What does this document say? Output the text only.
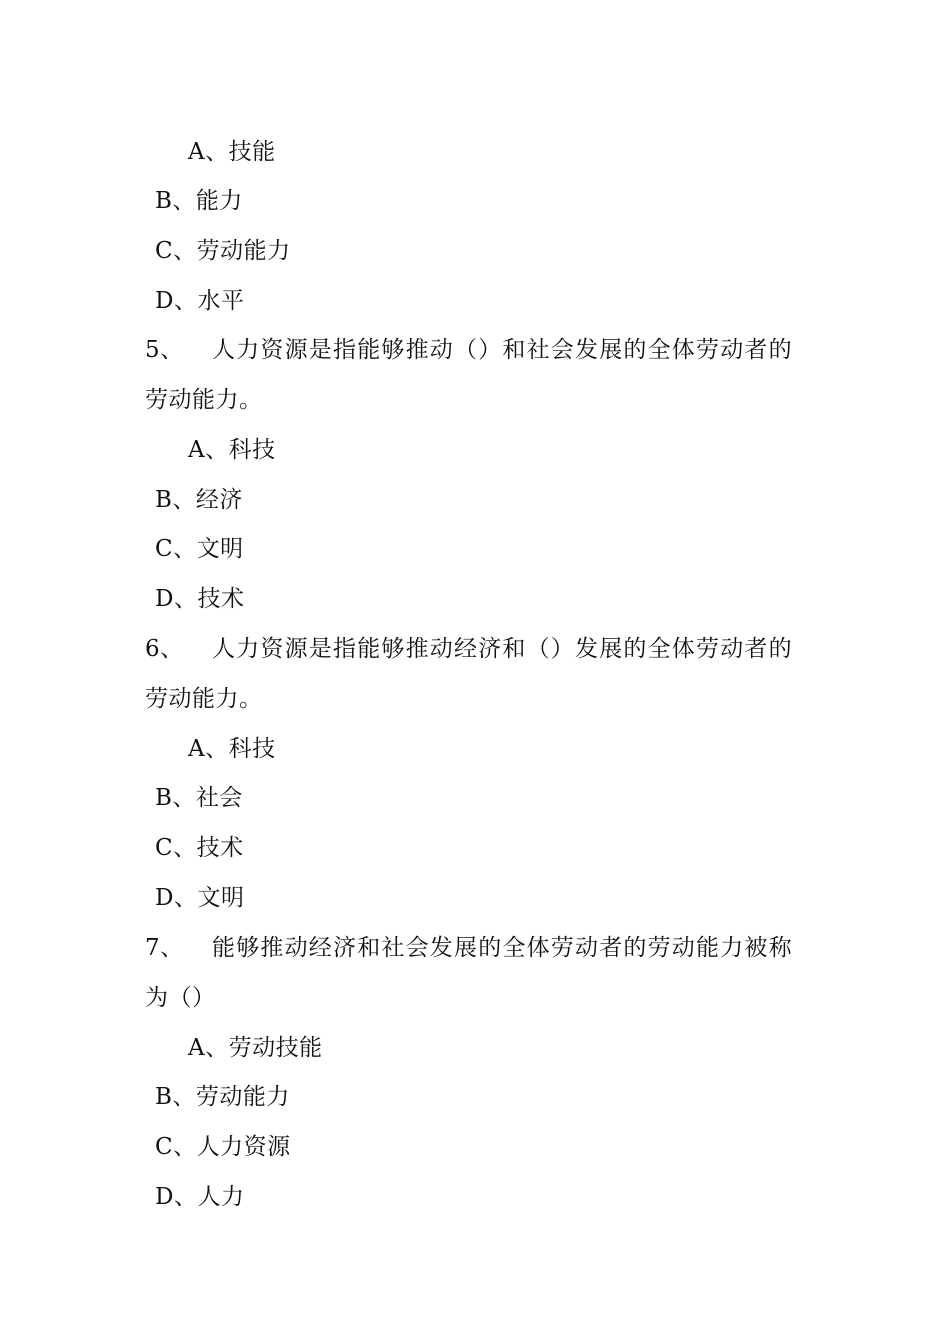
A、技能
B、能力
C、劳动能力
D、水平
5、 人力资源是指能够推动（）和社会发展的全体劳动者的
劳动能力。
A、科技
B、经济
C、文明
D、技术
6、 人力资源是指能够推动经济和（）发展的全体劳动者的
劳动能力。
A、科技
B、社会
C、技术
D、文明
7、 能够推动经济和社会发展的全体劳动者的劳动能力被称
为（）
A、劳动技能
B、劳动能力
C、人力资源
D、人力
